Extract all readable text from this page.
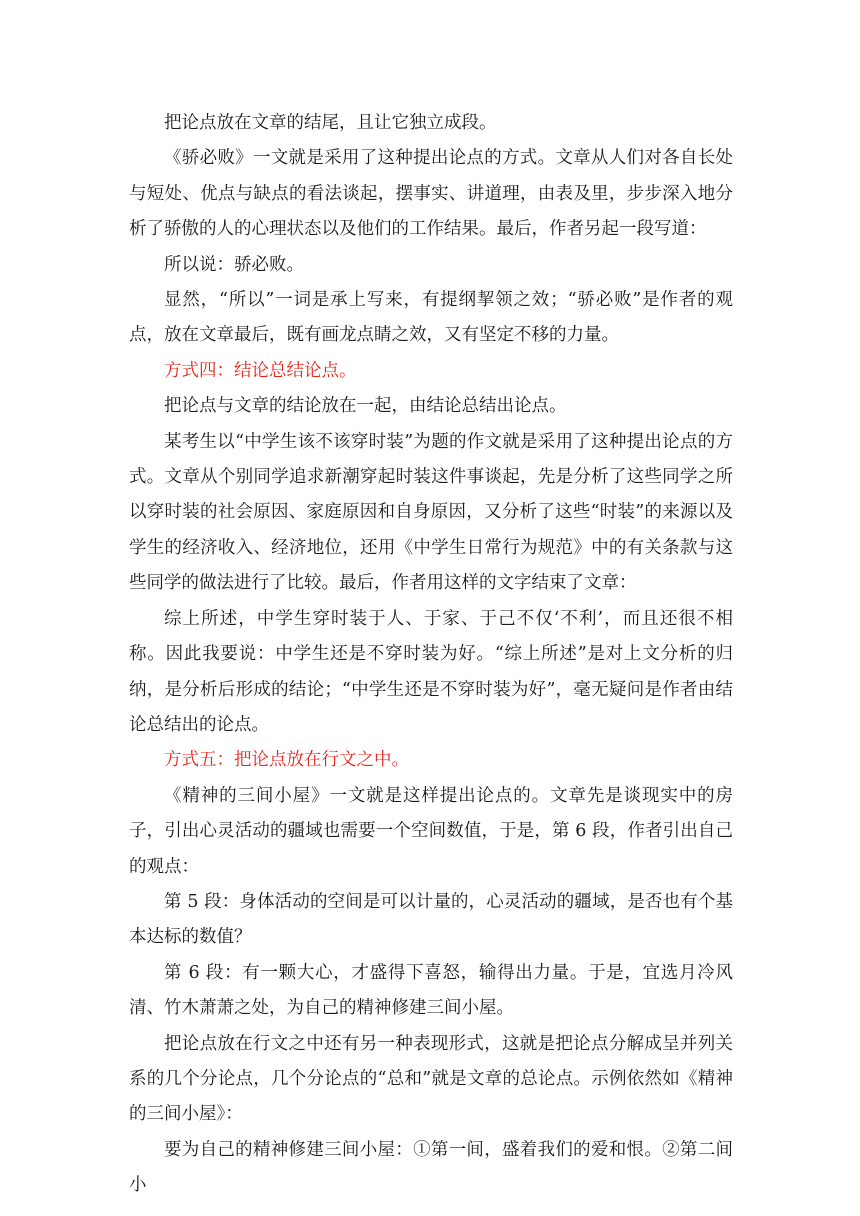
把论点放在文章的结尾，且让它独立成段。

《骄必败》一文就是采用了这种提出论点的方式。文章从人们对各自长处与短处、优点与缺点的看法谈起，摆事实、讲道理，由表及里，步步深入地分析了骄傲的人的心理状态以及他们的工作结果。最后，作者另起一段写道：

所以说：骄必败。

显然，“所以”一词是承上写来，有提纲挈领之效；“骄必败”是作者的观点，放在文章最后，既有画龙点睛之效，又有坚定不移的力量。

方式四：结论总结论点。

把论点与文章的结论放在一起，由结论总结出论点。

某考生以“中学生该不该穿时装”为题的作文就是采用了这种提出论点的方式。文章从个别同学追求新潮穿起时装这件事谈起，先是分析了这些同学之所以穿时装的社会原因、家庭原因和自身原因，又分析了这些“时装”的来源以及学生的经济收入、经济地位，还用《中学生日常行为规范》中的有关条款与这些同学的做法进行了比较。最后，作者用这样的文字结束了文章：

综上所述，中学生穿时装于人、于家、于己不仅‘不利’，而且还很不相称。因此我要说：中学生还是不穿时装为好。“综上所述”是对上文分析的归纳，是分析后形成的结论；“中学生还是不穿时装为好”，毫无疑问是作者由结论总结出的论点。

方式五：把论点放在行文之中。

《精神的三间小屋》一文就是这样提出论点的。文章先是谈现实中的房子，引出心灵活动的疆域也需要一个空间数值，于是，第 6 段，作者引出自己的观点：

第 5 段：身体活动的空间是可以计量的，心灵活动的疆域，是否也有个基本达标的数值？

第 6 段：有一颗大心，才盛得下喜怒，输得出力量。于是，宜选月冷风清、竹木萧萧之处，为自己的精神修建三间小屋。

把论点放在行文之中还有另一种表现形式，这就是把论点分解成呈并列关系的几个分论点，几个分论点的“总和”就是文章的总论点。示例依然如《精神的三间小屋》：

要为自己的精神修建三间小屋：①第一间，盛着我们的爱和恨。②第二间小
